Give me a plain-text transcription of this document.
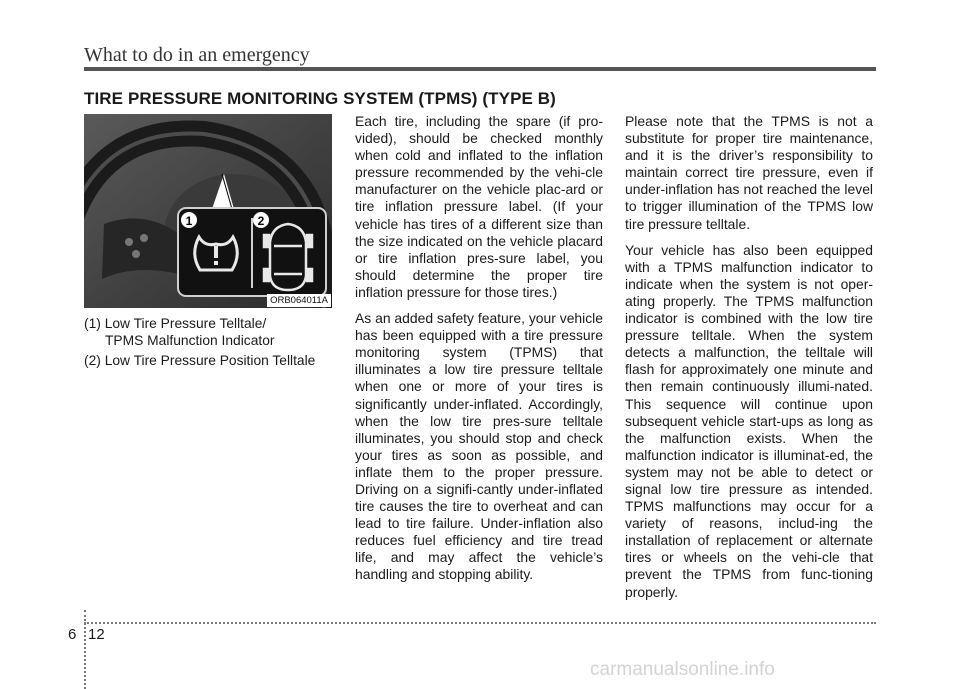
What to do in an emergency
TIRE PRESSURE MONITORING SYSTEM (TPMS) (TYPE B)
1	2
ORB064011A
(1) Low Tire Pressure Telltale/
TPMS Malfunction Indicator
(2) Low Tire Pressure Position Telltale

Each tire, including the spare (if pro-vided), should be checked monthly when cold and inflated to the inflation pressure recommended by the vehi-cle manufacturer on the vehicle plac-ard or tire inflation pressure label. (If your vehicle has tires of a different size than the size indicated on the vehicle placard or tire inflation pres-sure label, you should determine the proper tire inflation pressure for those tires.)

As an added safety feature, your vehicle has been equipped with a tire pressure monitoring system (TPMS) that illuminates a low tire pressure telltale when one or more of your tires is significantly under-inflated. Accordingly, when the low tire pres-sure telltale illuminates, you should stop and check your tires as soon as possible, and inflate them to the proper pressure. Driving on a signifi-cantly under-inflated tire causes the tire to overheat and can lead to tire failure. Under-inflation also reduces fuel efficiency and tire tread life, and may affect the vehicle’s handling and stopping ability.

Please note that the TPMS is not a substitute for proper tire maintenance, and it is the driver’s responsibility to maintain correct tire pressure, even if under-inflation has not reached the level to trigger illumination of the TPMS low tire pressure telltale.

Your vehicle has also been equipped with a TPMS malfunction indicator to indicate when the system is not oper-ating properly. The TPMS malfunction indicator is combined with the low tire pressure telltale. When the system detects a malfunction, the telltale will flash for approximately one minute and then remain continuously illumi-nated. This sequence will continue upon subsequent vehicle start-ups as long as the malfunction exists. When the malfunction indicator is illuminat-ed, the system may not be able to detect or signal low tire pressure as intended. TPMS malfunctions may occur for a variety of reasons, includ-ing the installation of replacement or alternate tires or wheels on the vehi-cle that prevent the TPMS from func-tioning properly.

6 12
carmanualsonline.info
